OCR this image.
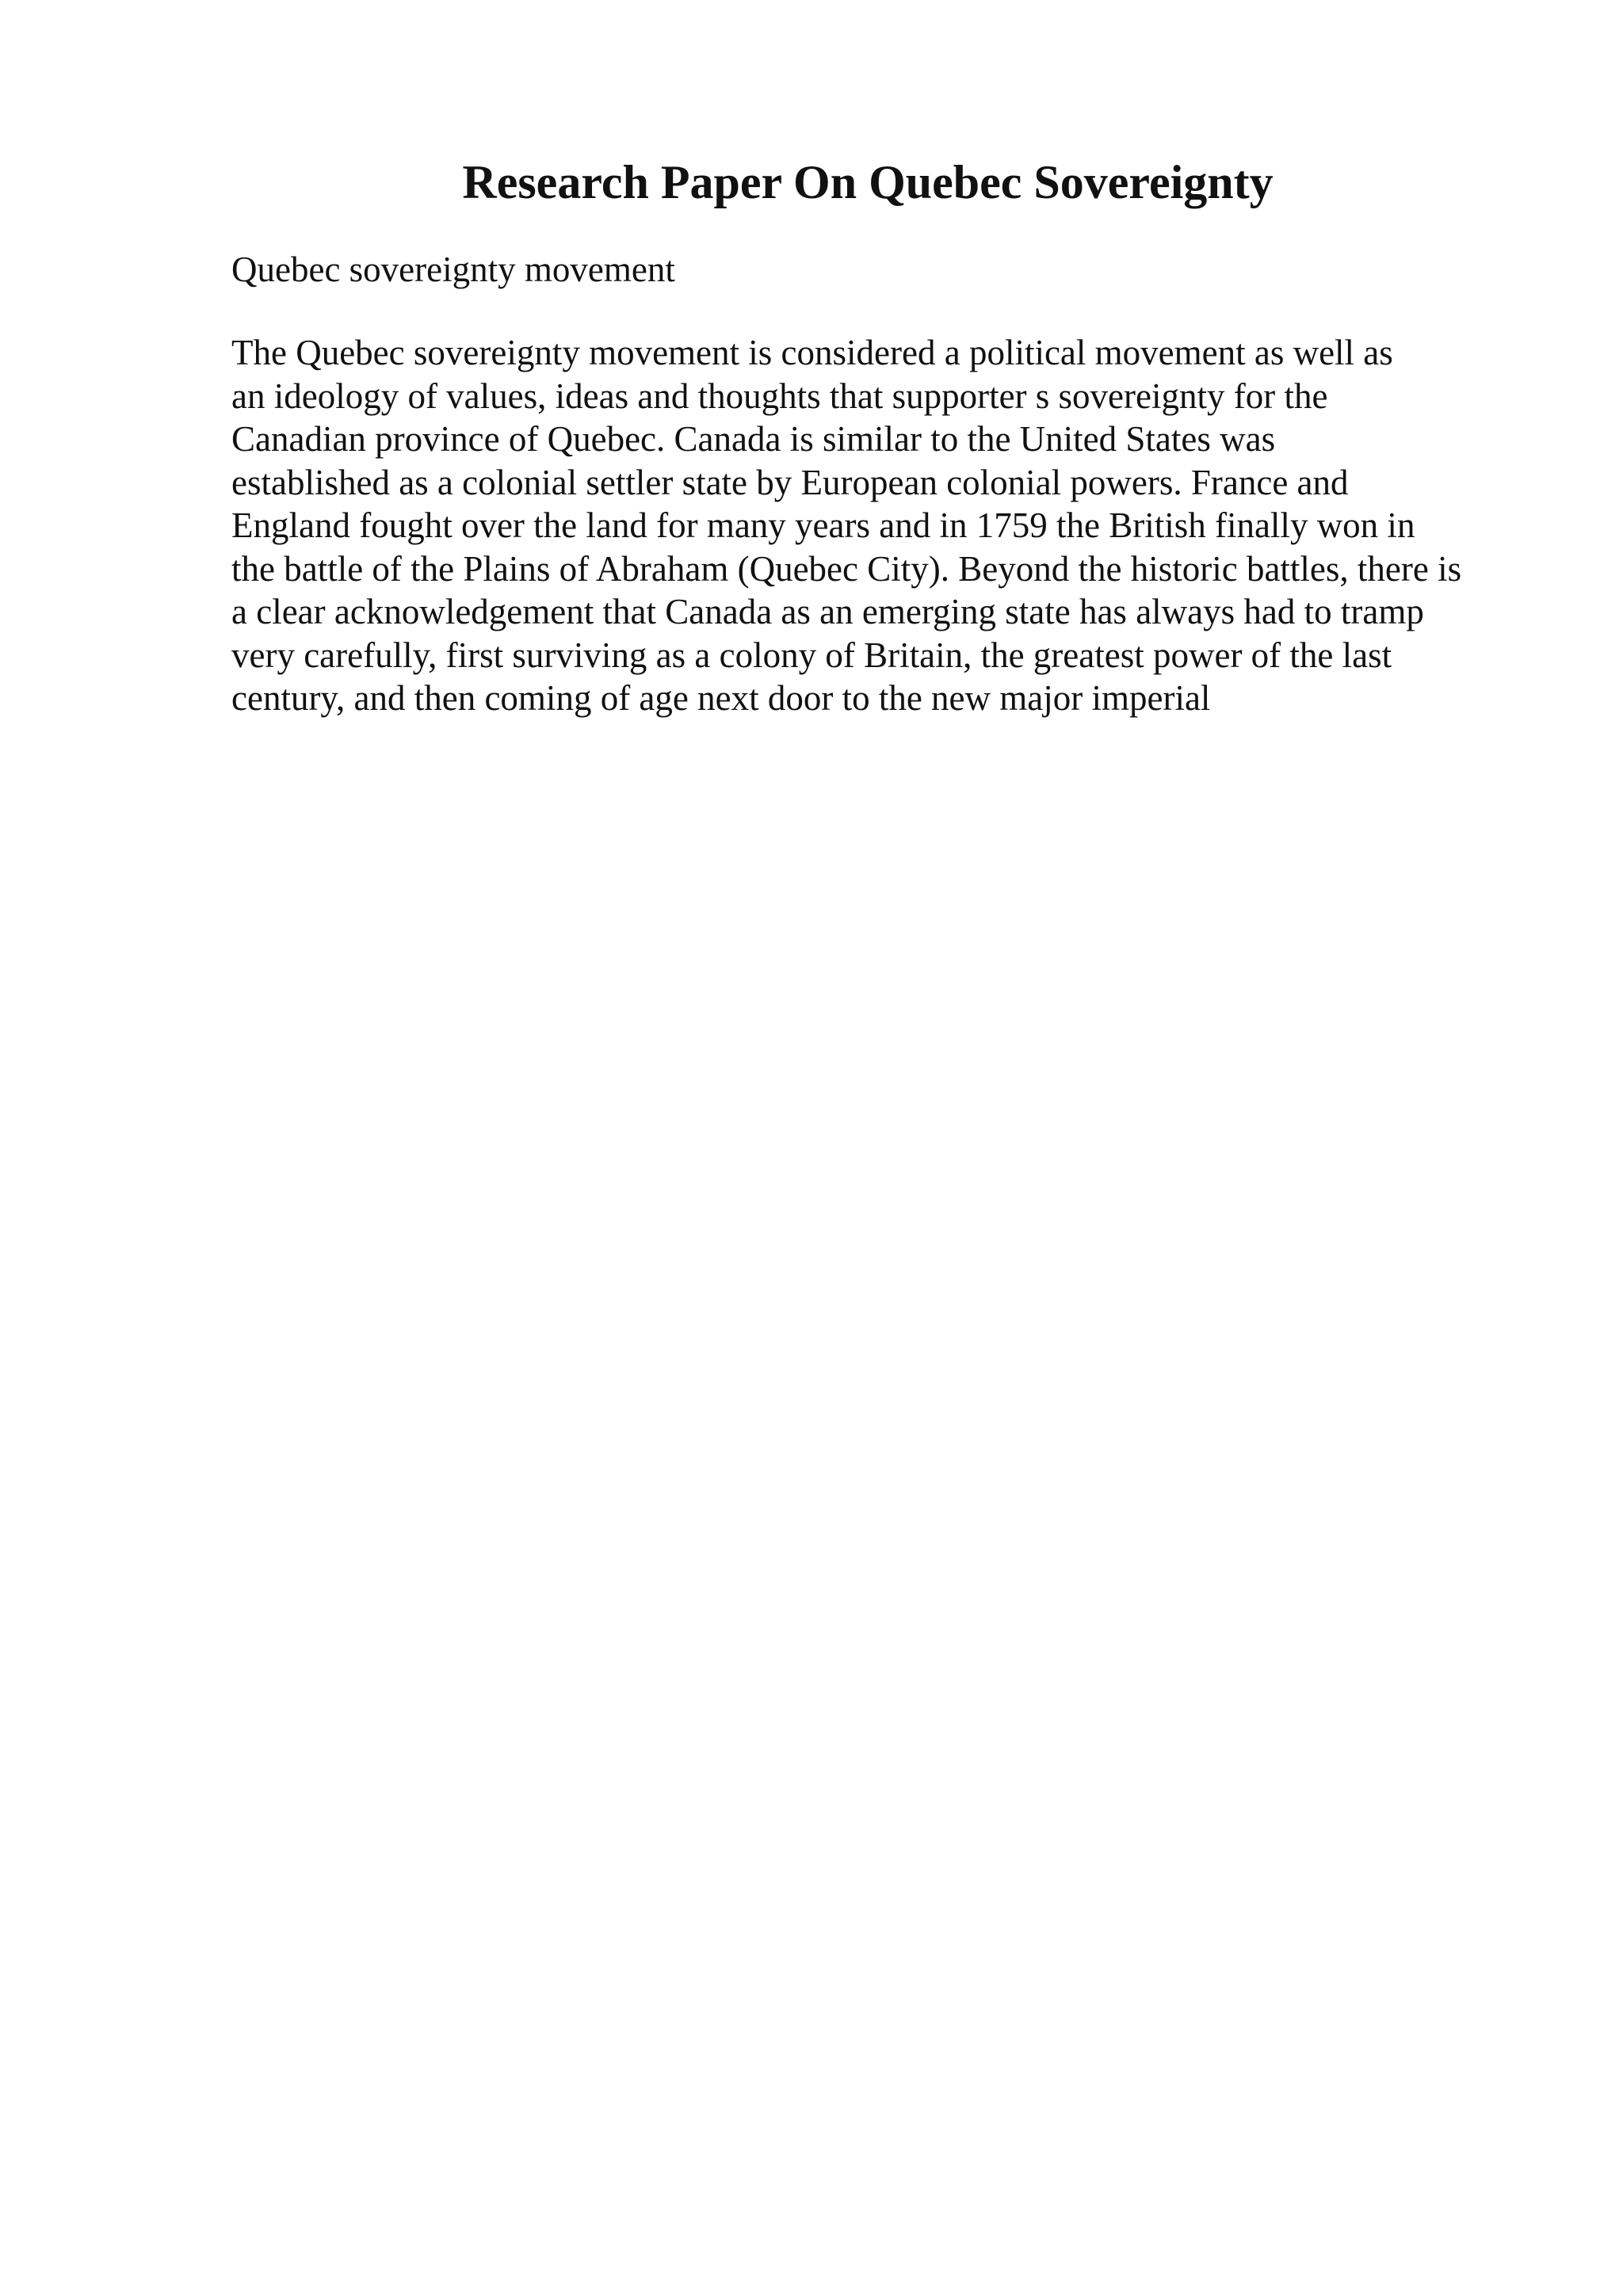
Research Paper On Quebec Sovereignty

Quebec sovereignty movement

The Quebec sovereignty movement is considered a political movement as well as
an ideology of values, ideas and thoughts that supporter s sovereignty for the
Canadian province of Quebec. Canada is similar to the United States was
established as a colonial settler state by European colonial powers. France and
England fought over the land for many years and in 1759 the British finally won in
the battle of the Plains of Abraham (Quebec City). Beyond the historic battles, there is
a clear acknowledgement that Canada as an emerging state has always had to tramp
very carefully, first surviving as a colony of Britain, the greatest power of the last
century, and then coming of age next door to the new major imperial
